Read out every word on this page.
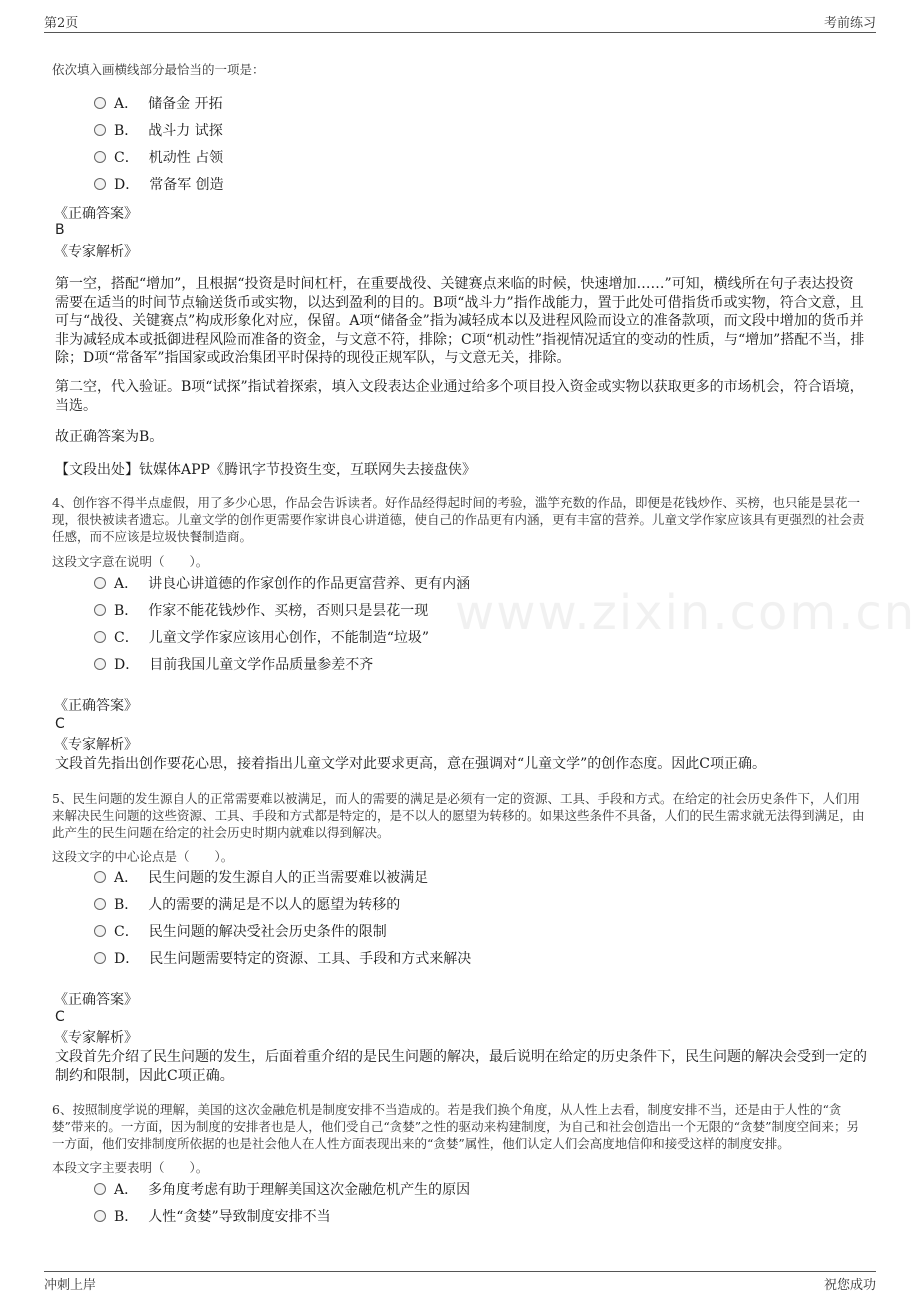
第2页	考前练习
www.zixin.com.cn

依次填入画横线部分最恰当的一项是：

A． 储备金 开拓
B． 战斗力 试探
C． 机动性 占领
D． 常备军 创造

《正确答案》

B

《专家解析》

第一空，搭配“增加”，且根据“投资是时间杠杆，在重要战役、关键赛点来临的时候，快速增加……”可知，横线所在句子表达投资需要在适当的时间节点输送货币或实物，以达到盈利的目的。B项“战斗力”指作战能力，置于此处可借指货币或实物，符合文意，且可与“战役、关键赛点”构成形象化对应，保留。A项“储备金”指为减轻成本以及进程风险而设立的准备款项，而文段中增加的货币并非为减轻成本或抵御进程风险而准备的资金，与文意不符，排除；C项“机动性”指视情况适宜的变动的性质，与“增加”搭配不当，排除；D项“常备军”指国家或政治集团平时保持的现役正规军队，与文意无关，排除。

第二空，代入验证。B项“试探”指试着探索，填入文段表达企业通过给多个项目投入资金或实物以获取更多的市场机会，符合语境，当选。

故正确答案为B。

【文段出处】钛媒体APP《腾讯字节投资生变，互联网失去接盘侠》

4、创作容不得半点虚假，用了多少心思，作品会告诉读者。好作品经得起时间的考验，滥竽充数的作品，即便是花钱炒作、买榜，也只能是昙花一现，很快被读者遗忘。儿童文学的创作更需要作家讲良心讲道德，使自己的作品更有内涵，更有丰富的营养。儿童文学作家应该具有更强烈的社会责任感，而不应该是垃圾快餐制造商。

这段文字意在说明（　　）。

A． 讲良心讲道德的作家创作的作品更富营养、更有内涵
B． 作家不能花钱炒作、买榜，否则只是昙花一现
C． 儿童文学作家应该用心创作，不能制造“垃圾”
D． 目前我国儿童文学作品质量参差不齐

《正确答案》

C

《专家解析》

文段首先指出创作要花心思，接着指出儿童文学对此要求更高，意在强调对“儿童文学”的创作态度。因此C项正确。

5、民生问题的发生源自人的正常需要难以被满足，而人的需要的满足是必须有一定的资源、工具、手段和方式。在给定的社会历史条件下，人们用来解决民生问题的这些资源、工具、手段和方式都是特定的，是不以人的愿望为转移的。如果这些条件不具备，人们的民生需求就无法得到满足，由此产生的民生问题在给定的社会历史时期内就难以得到解决。

这段文字的中心论点是（　　）。

A． 民生问题的发生源自人的正当需要难以被满足
B． 人的需要的满足是不以人的愿望为转移的
C． 民生问题的解决受社会历史条件的限制
D． 民生问题需要特定的资源、工具、手段和方式来解决

《正确答案》

C

《专家解析》

文段首先介绍了民生问题的发生，后面着重介绍的是民生问题的解决，最后说明在给定的历史条件下，民生问题的解决会受到一定的制约和限制，因此C项正确。

6、按照制度学说的理解，美国的这次金融危机是制度安排不当造成的。若是我们换个角度，从人性上去看，制度安排不当，还是由于人性的“贪婪”带来的。一方面，因为制度的安排者也是人，他们受自己“贪婪”之性的驱动来构建制度，为自己和社会创造出一个无限的“贪婪”制度空间来；另一方面，他们安排制度所依据的也是社会他人在人性方面表现出来的“贪婪”属性，他们认定人们会高度地信仰和接受这样的制度安排。

本段文字主要表明（　　）。

A． 多角度考虑有助于理解美国这次金融危机产生的原因
B． 人性“贪婪”导致制度安排不当
冲刺上岸	祝您成功
